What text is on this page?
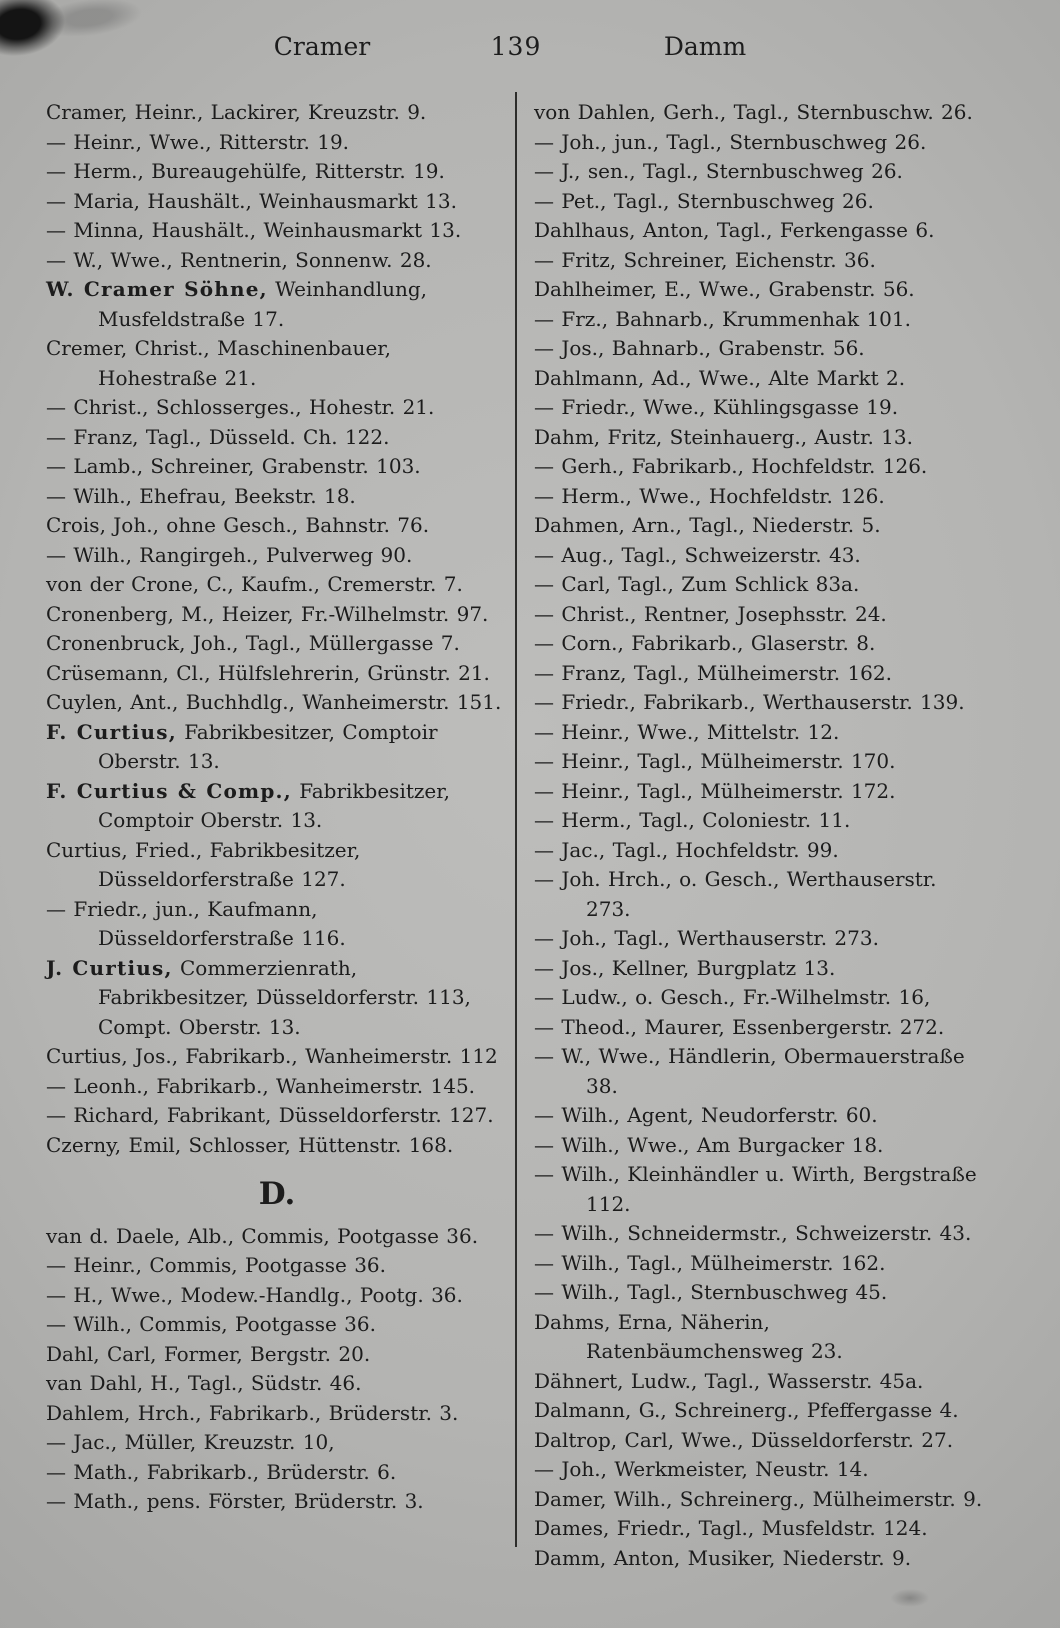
Cramer	139	Damm
Cramer, Heinr., Lackirer, Kreuzstr. 9.
— Heinr., Wwe., Ritterstr. 19.
— Herm., Bureaugehülfe, Ritterstr. 19.
— Maria, Haushält., Weinhausmarkt 13.
— Minna, Haushält., Weinhausmarkt 13.
— W., Wwe., Rentnerin, Sonnenw. 28.
W. Cramer Söhne, Weinhandlung, Musfeldstraße 17.
Cremer, Christ., Maschinenbauer, Hohestraße 21.
— Christ., Schlosserges., Hohestr. 21.
— Franz, Tagl., Düsseld. Ch. 122.
— Lamb., Schreiner, Grabenstr. 103.
— Wilh., Ehefrau, Beekstr. 18.
Crois, Joh., ohne Gesch., Bahnstr. 76.
— Wilh., Rangirgeh., Pulverweg 90.
von der Crone, C., Kaufm., Cremerstr. 7.
Cronenberg, M., Heizer, Fr.-Wilhelmstr. 97.
Cronenbruck, Joh., Tagl., Müllergasse 7.
Crüsemann, Cl., Hülfslehrerin, Grünstr. 21.
Cuylen, Ant., Buchhdlg., Wanheimerstr. 151.
F. Curtius, Fabrikbesitzer, Comptoir Oberstr. 13.
F. Curtius & Comp., Fabrikbesitzer, Comptoir Oberstr. 13.
Curtius, Fried., Fabrikbesitzer, Düsseldorferstraße 127.
— Friedr., jun., Kaufmann, Düsseldorferstraße 116.
J. Curtius, Commerzienrath, Fabrikbesitzer, Düsseldorferstr. 113, Compt. Oberstr. 13.
Curtius, Jos., Fabrikarb., Wanheimerstr. 112
— Leonh., Fabrikarb., Wanheimerstr. 145.
— Richard, Fabrikant, Düsseldorferstr. 127.
Czerny, Emil, Schlosser, Hüttenstr. 168.
D.
van d. Daele, Alb., Commis, Pootgasse 36.
— Heinr., Commis, Pootgasse 36.
— H., Wwe., Modew.-Handlg., Pootg. 36.
— Wilh., Commis, Pootgasse 36.
Dahl, Carl, Former, Bergstr. 20.
van Dahl, H., Tagl., Südstr. 46.
Dahlem, Hrch., Fabrikarb., Brüderstr. 3.
— Jac., Müller, Kreuzstr. 10,
— Math., Fabrikarb., Brüderstr. 6.
— Math., pens. Förster, Brüderstr. 3.
von Dahlen, Gerh., Tagl., Sternbuschw. 26.
— Joh., jun., Tagl., Sternbuschweg 26.
— J., sen., Tagl., Sternbuschweg 26.
— Pet., Tagl., Sternbuschweg 26.
Dahlhaus, Anton, Tagl., Ferkengasse 6.
— Fritz, Schreiner, Eichenstr. 36.
Dahlheimer, E., Wwe., Grabenstr. 56.
— Frz., Bahnarb., Krummenhak 101.
— Jos., Bahnarb., Grabenstr. 56.
Dahlmann, Ad., Wwe., Alte Markt 2.
— Friedr., Wwe., Kühlingsgasse 19.
Dahm, Fritz, Steinhauerg., Austr. 13.
— Gerh., Fabrikarb., Hochfeldstr. 126.
— Herm., Wwe., Hochfeldstr. 126.
Dahmen, Arn., Tagl., Niederstr. 5.
— Aug., Tagl., Schweizerstr. 43.
— Carl, Tagl., Zum Schlick 83a.
— Christ., Rentner, Josephsstr. 24.
— Corn., Fabrikarb., Glaserstr. 8.
— Franz, Tagl., Mülheimerstr. 162.
— Friedr., Fabrikarb., Werthauserstr. 139.
— Heinr., Wwe., Mittelstr. 12.
— Heinr., Tagl., Mülheimerstr. 170.
— Heinr., Tagl., Mülheimerstr. 172.
— Herm., Tagl., Coloniestr. 11.
— Jac., Tagl., Hochfeldstr. 99.
— Joh. Hrch., o. Gesch., Werthauserstr. 273.
— Joh., Tagl., Werthauserstr. 273.
— Jos., Kellner, Burgplatz 13.
— Ludw., o. Gesch., Fr.-Wilhelmstr. 16,
— Theod., Maurer, Essenbergerstr. 272.
— W., Wwe., Händlerin, Obermauerstraße 38.
— Wilh., Agent, Neudorferstr. 60.
— Wilh., Wwe., Am Burgacker 18.
— Wilh., Kleinhändler u. Wirth, Bergstraße 112.
— Wilh., Schneidermstr., Schweizerstr. 43.
— Wilh., Tagl., Mülheimerstr. 162.
— Wilh., Tagl., Sternbuschweg 45.
Dahms, Erna, Näherin, Ratenbäumchensweg 23.
Dähnert, Ludw., Tagl., Wasserstr. 45a.
Dalmann, G., Schreinerg., Pfeffergasse 4.
Daltrop, Carl, Wwe., Düsseldorferstr. 27.
— Joh., Werkmeister, Neustr. 14.
Damer, Wilh., Schreinerg., Mülheimerstr. 9.
Dames, Friedr., Tagl., Musfeldstr. 124.
Damm, Anton, Musiker, Niederstr. 9.
